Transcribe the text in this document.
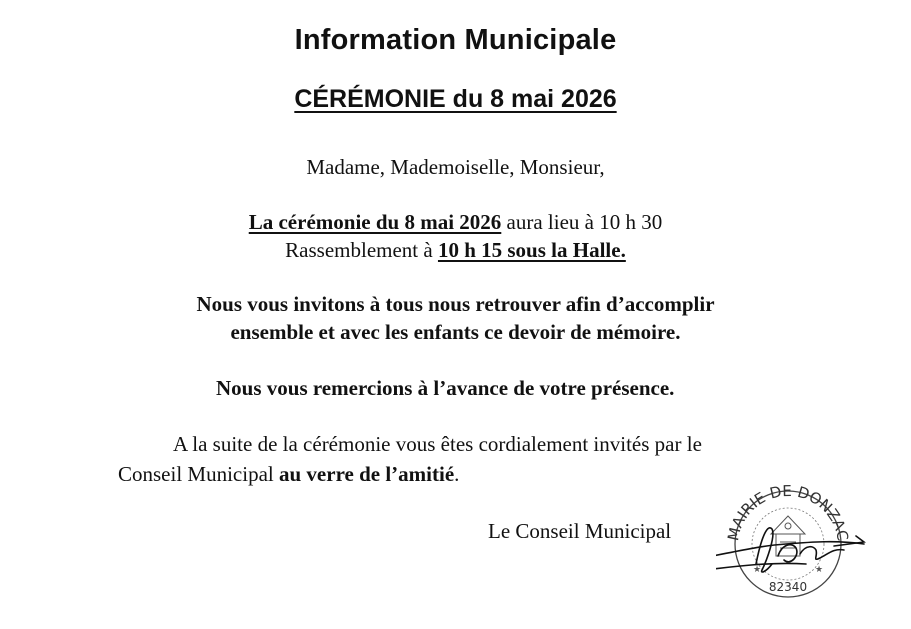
Information Municipale
CÉRÉMONIE du 8 mai 2026
Madame, Mademoiselle, Monsieur,
La cérémonie du 8 mai 2026 aura lieu à 10 h 30
Rassemblement à 10 h 15 sous la Halle.
Nous vous invitons à tous nous retrouver afin d’accomplir
ensemble et avec les enfants ce devoir de mémoire.
Nous vous remercions à l’avance de votre présence.
A la suite de la cérémonie vous êtes cordialement invités par le
Conseil Municipal au verre de l’amitié.
Le Conseil Municipal	MAIRIE DE DONZAC
82340
★	★
